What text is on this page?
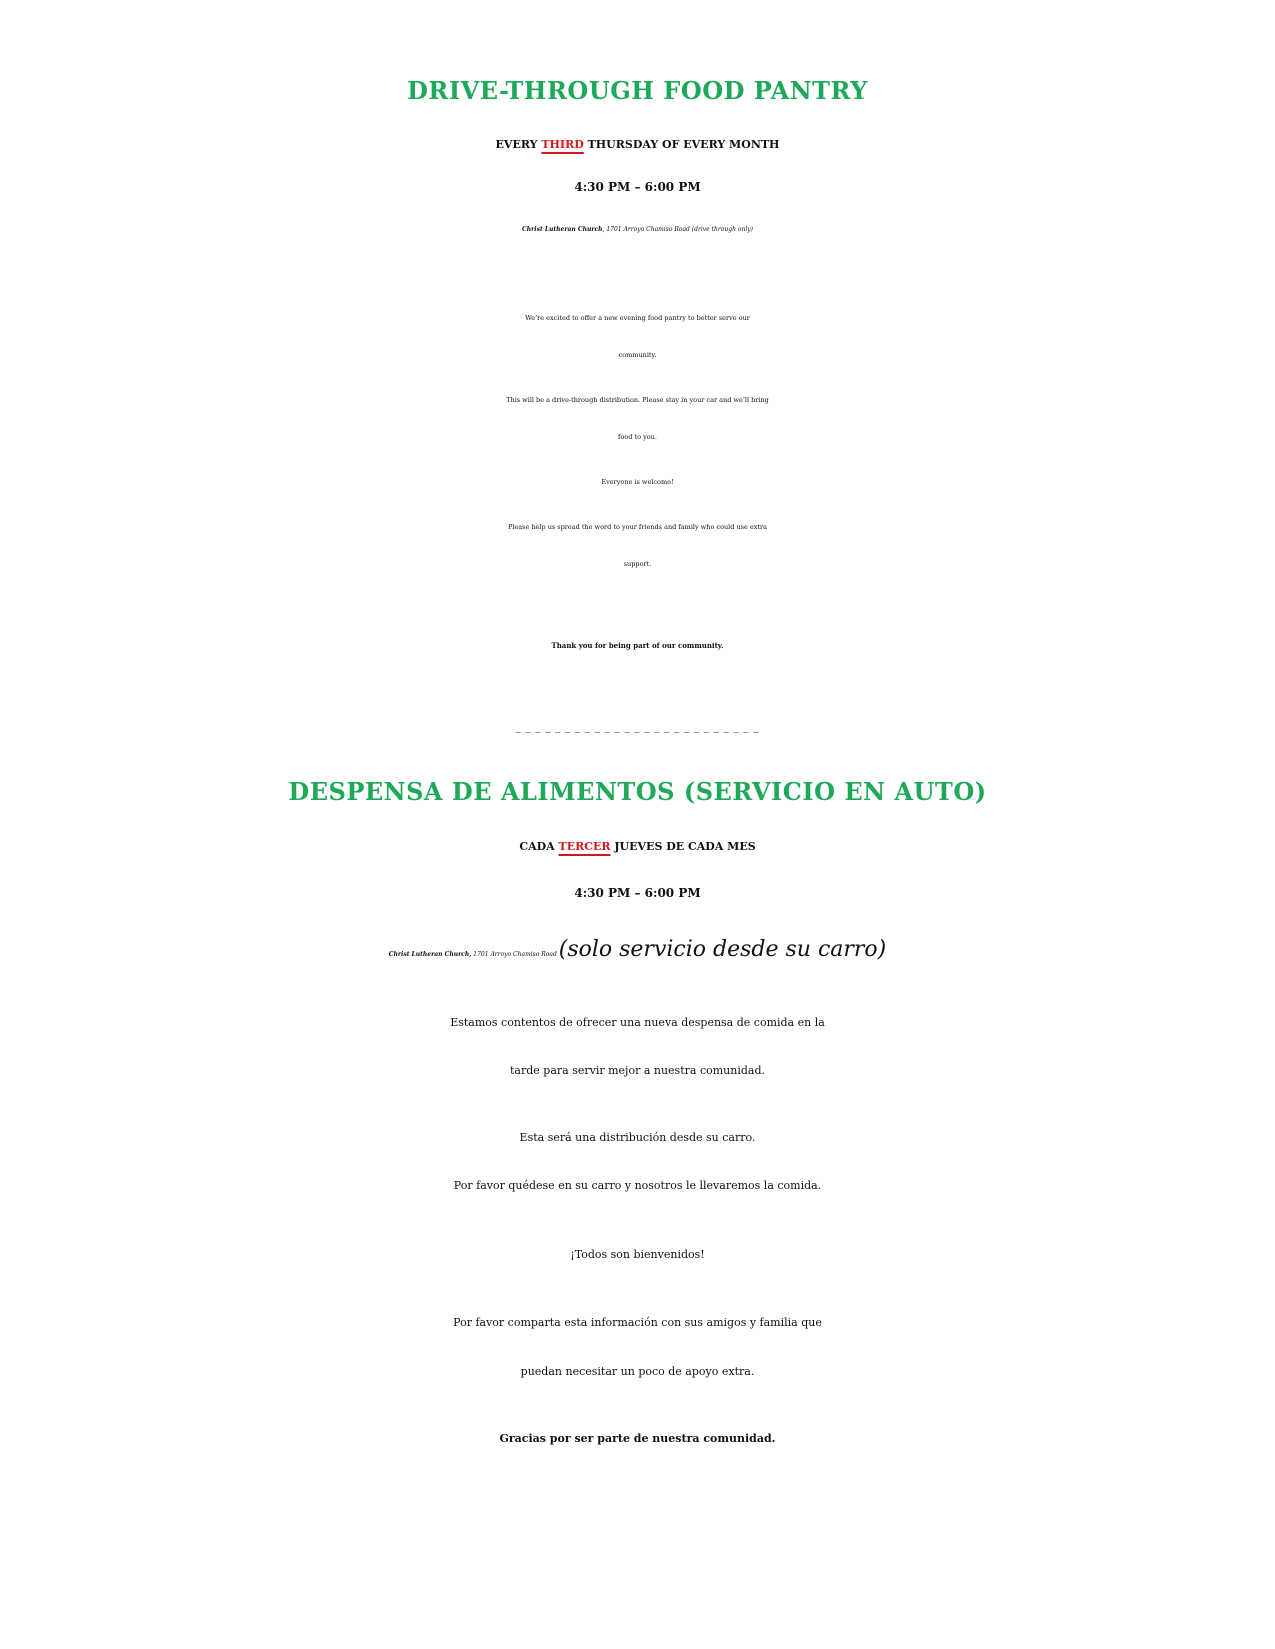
DRIVE-THROUGH FOOD PANTRY
EVERY THIRD THURSDAY OF EVERY MONTH
4:30 PM – 6:00 PM
Christ Lutheran Church, 1701 Arroyo Chamiso Road (drive through only)
We’re excited to offer a new evening food pantry to better serve our
community.
This will be a drive-through distribution. Please stay in your car and we’ll bring
food to you.
Everyone is welcome!
Please help us spread the word to your friends and family who could use extra
support.
Thank you for being part of our community.
— — — — — — — — — — — — — — — — — — — — — — — — —
DESPENSA DE ALIMENTOS (SERVICIO EN AUTO)
CADA TERCER JUEVES DE CADA MES
4:30 PM – 6:00 PM
Christ Lutheran Church, 1701 Arroyo Chamiso Road (solo servicio desde su carro)
Estamos contentos de ofrecer una nueva despensa de comida en la
tarde para servir mejor a nuestra comunidad.
Esta será una distribución desde su carro.
Por favor quédese en su carro y nosotros le llevaremos la comida.
¡Todos son bienvenidos!
Por favor comparta esta información con sus amigos y familia que
puedan necesitar un poco de apoyo extra.
Gracias por ser parte de nuestra comunidad.
